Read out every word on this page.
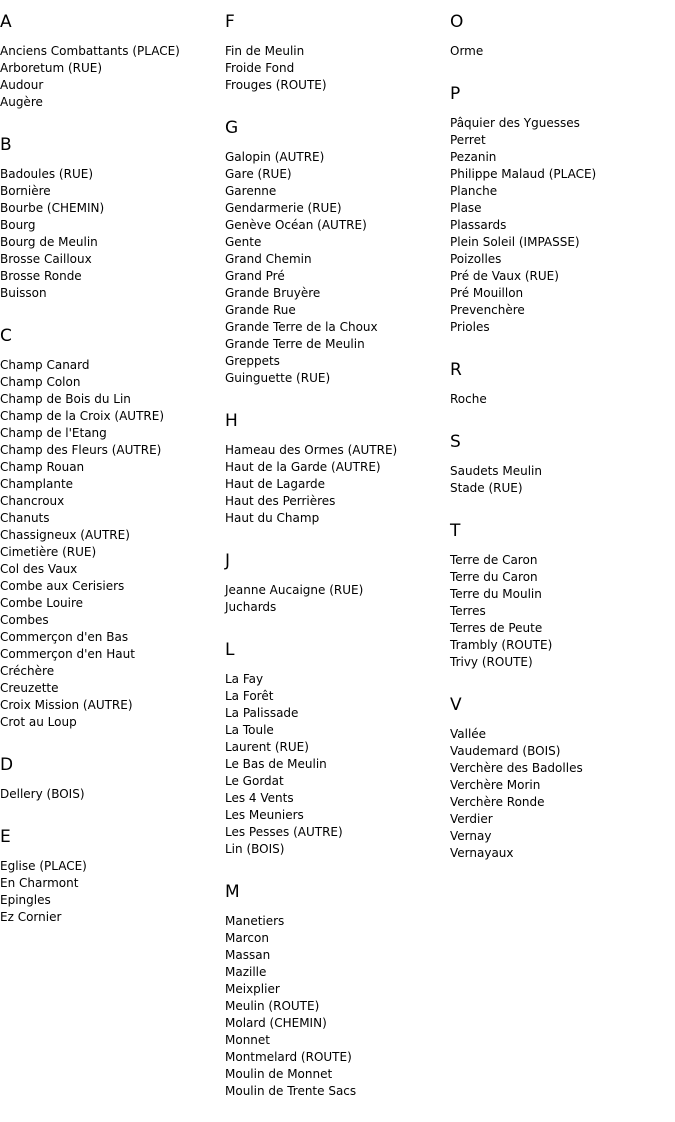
A
Anciens Combattants (PLACE)
Arboretum (RUE)
Audour
Augère
B
Badoules (RUE)
Bornière
Bourbe (CHEMIN)
Bourg
Bourg de Meulin
Brosse Cailloux
Brosse Ronde
Buisson
C
Champ Canard
Champ Colon
Champ de Bois du Lin
Champ de la Croix (AUTRE)
Champ de l'Etang
Champ des Fleurs (AUTRE)
Champ Rouan
Champlante
Chancroux
Chanuts
Chassigneux (AUTRE)
Cimetière (RUE)
Col des Vaux
Combe aux Cerisiers
Combe Louire
Combes
Commerçon d'en Bas
Commerçon d'en Haut
Créchère
Creuzette
Croix Mission (AUTRE)
Crot au Loup
D
Dellery (BOIS)
E
Eglise (PLACE)
En Charmont
Epingles
Ez Cornier
F
Fin de Meulin
Froide Fond
Frouges (ROUTE)
G
Galopin (AUTRE)
Gare (RUE)
Garenne
Gendarmerie (RUE)
Genève Océan (AUTRE)
Gente
Grand Chemin
Grand Pré
Grande Bruyère
Grande Rue
Grande Terre de la Choux
Grande Terre de Meulin
Greppets
Guinguette (RUE)
H
Hameau des Ormes (AUTRE)
Haut de la Garde (AUTRE)
Haut de Lagarde
Haut des Perrières
Haut du Champ
J
Jeanne Aucaigne (RUE)
Juchards
L
La Fay
La Forêt
La Palissade
La Toule
Laurent (RUE)
Le Bas de Meulin
Le Gordat
Les 4 Vents
Les Meuniers
Les Pesses (AUTRE)
Lin (BOIS)
M
Manetiers
Marcon
Massan
Mazille
Meixplier
Meulin (ROUTE)
Molard (CHEMIN)
Monnet
Montmelard (ROUTE)
Moulin de Monnet
Moulin de Trente Sacs
O
Orme
P
Pâquier des Yguesses
Perret
Pezanin
Philippe Malaud (PLACE)
Planche
Plase
Plassards
Plein Soleil (IMPASSE)
Poizolles
Pré de Vaux (RUE)
Pré Mouillon
Prevenchère
Prioles
R
Roche
S
Saudets Meulin
Stade (RUE)
T
Terre de Caron
Terre du Caron
Terre du Moulin
Terres
Terres de Peute
Trambly (ROUTE)
Trivy (ROUTE)
V
Vallée
Vaudemard (BOIS)
Verchère des Badolles
Verchère Morin
Verchère Ronde
Verdier
Vernay
Vernayaux
